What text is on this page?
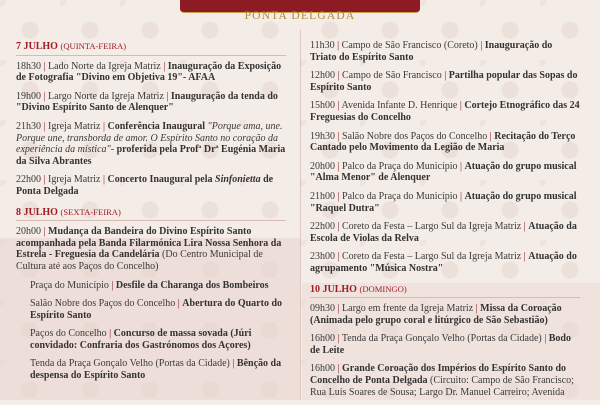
PONTA DELGADA
7 JULHO (QUINTA-FEIRA)
18h30 | Lado Norte da Igreja Matriz | Inauguração da Exposição de Fotografia "Divino em Objetiva 19"- AFAA
19h00 | Largo Norte da Igreja Matriz | Inauguração da tenda do "Divino Espírito Santo de Alenquer"
21h30 | Igreja Matriz | Conferência Inaugural "Porque ama, une. Porque une, transborda de amor. O Espírito Santo no coração da experiência da mística"- proferida pela Profª Drª Eugénia Maria da Silva Abrantes
22h00 | Igreja Matriz | Concerto Inaugural pela Sinfonietta de Ponta Delgada
8 JULHO (SEXTA-FEIRA)
20h00 | Mudança da Bandeira do Divino Espírito Santo acompanhada pela Banda Filarmónica Lira Nossa Senhora da Estrela - Freguesia da Candelária (Do Centro Municipal de Cultura até aos Paços do Concelho)
Praça do Município | Desfile da Charanga dos Bombeiros
Salão Nobre dos Paços do Concelho | Abertura do Quarto do Espírito Santo
Paços do Concelho | Concurso de massa sovada (Júri convidado: Confraria dos Gastrónomos dos Açores)
Tenda da Praça Gonçalo Velho (Portas da Cidade) | Bênção da despensa do Espírito Santo
11h30 | Campo de São Francisco (Coreto) | Inauguração do Triato do Espírito Santo
12h00 | Campo de São Francisco | Partilha popular das Sopas do Espírito Santo
15h00 | Avenida Infante D. Henrique | Cortejo Etnográfico das 24 Freguesias do Concelho
19h30 | Salão Nobre dos Paços do Concelho | Recitação do Terço Cantado pelo Movimento da Legião de Maria
20h00 | Palco da Praça do Município | Atuação do grupo musical "Alma Menor" de Alenquer
21h00 | Palco da Praça do Município | Atuação do grupo musical "Raquel Dutra"
22h00 | Coreto da Festa – Largo Sul da Igreja Matriz | Atuação da Escola de Violas da Relva
23h00 | Coreto da Festa – Largo Sul da Igreja Matriz | Atuação do agrupamento "Música Nostra"
10 JULHO (DOMINGO)
09h30 | Largo em frente da Igreja Matriz | Missa da Coroação (Animada pelo grupo coral e litúrgico de São Sebastião)
16h00 | Tenda da Praça Gonçalo Velho (Portas da Cidade) | Bodo de Leite
16h00 | Grande Coroação dos Impérios do Espírito Santo do Concelho de Ponta Delgada (Circuito: Campo de São Francisco; Rua Luís Soares de Sousa; Largo Dr. Manuel Carreiro; Avenida
